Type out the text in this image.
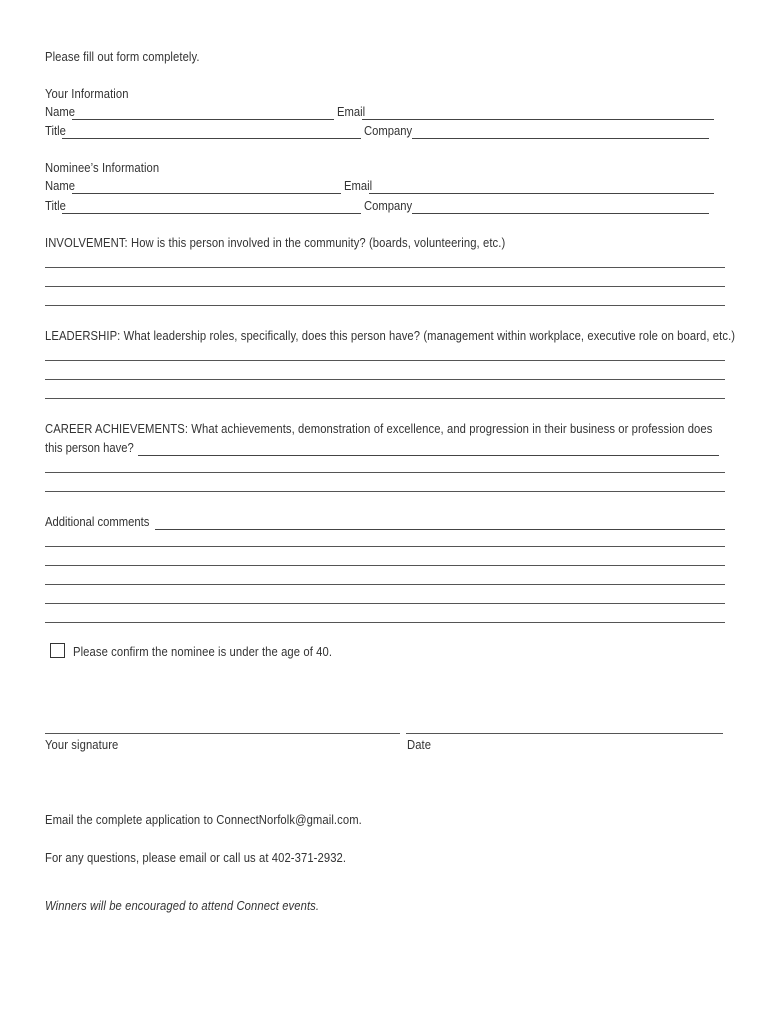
Please fill out form completely.
Your Information
Name	Email
Title	Company
Nominee’s Information
Name	Email
Title	Company
INVOLVEMENT: How is this person involved in the community? (boards, volunteering, etc.)
LEADERSHIP: What leadership roles, specifically, does this person have? (management within workplace, executive role on board, etc.)
CAREER ACHIEVEMENTS: What achievements, demonstration of excellence, and progression in their business or profession does
this person have?
Additional comments
Please confirm the nominee is under the age of 40.
Your signature	Date
Email the complete application to ConnectNorfolk@gmail.com.
For any questions, please email or call us at 402-371-2932.
Winners will be encouraged to attend Connect events.
